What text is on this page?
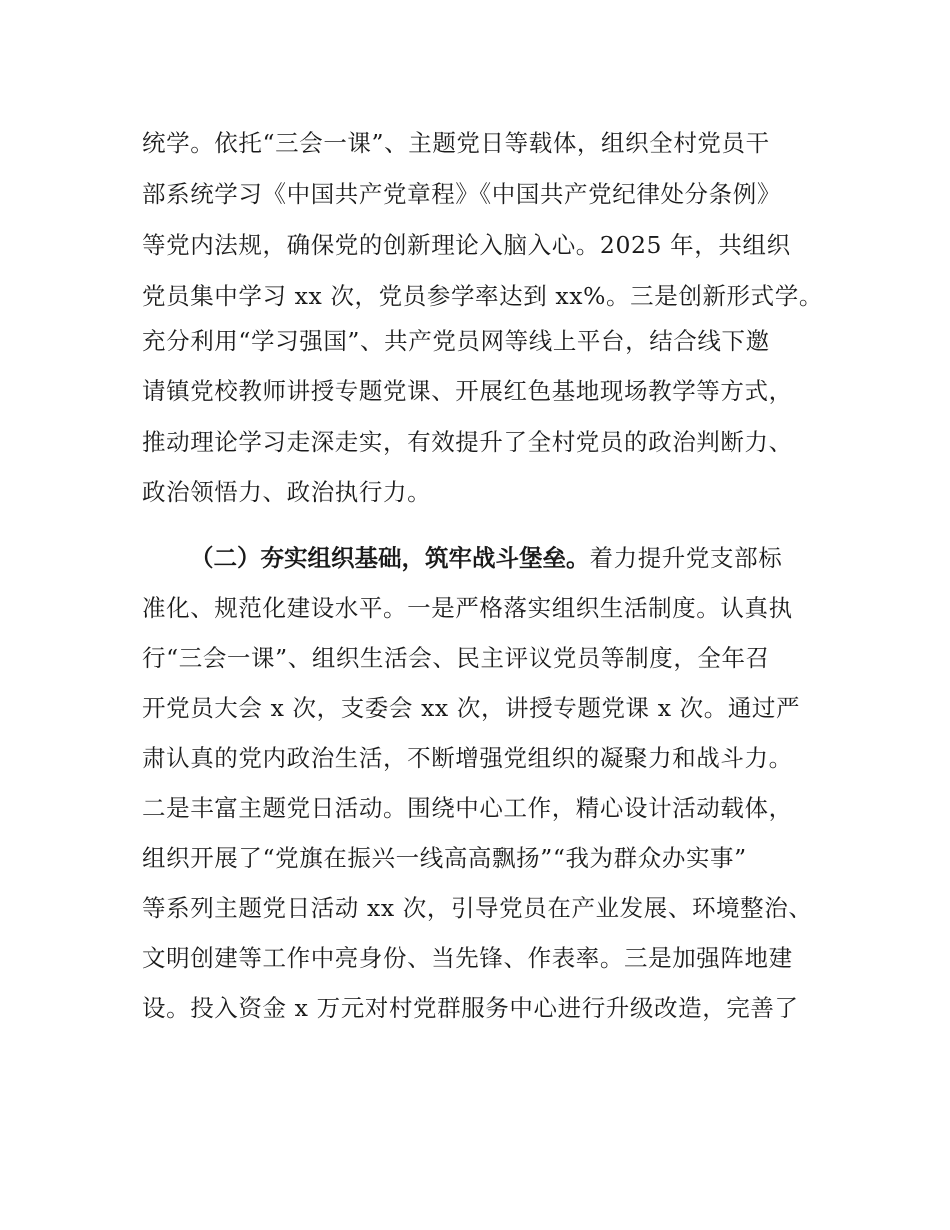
统学。依托“三会一课”、主题党日等载体，组织全村党员干
部系统学习《中国共产党章程》《中国共产党纪律处分条例》
等党内法规，确保党的创新理论入脑入心。2025 年，共组织
党员集中学习 xx 次，党员参学率达到 xx%。三是创新形式学。
充分利用“学习强国”、共产党员网等线上平台，结合线下邀
请镇党校教师讲授专题党课、开展红色基地现场教学等方式，
推动理论学习走深走实，有效提升了全村党员的政治判断力、
政治领悟力、政治执行力。
（二）夯实组织基础，筑牢战斗堡垒。着力提升党支部标
准化、规范化建设水平。一是严格落实组织生活制度。认真执
行“三会一课”、组织生活会、民主评议党员等制度，全年召
开党员大会 x 次，支委会 xx 次，讲授专题党课 x 次。通过严
肃认真的党内政治生活，不断增强党组织的凝聚力和战斗力。
二是丰富主题党日活动。围绕中心工作，精心设计活动载体，
组织开展了“党旗在振兴一线高高飘扬”“我为群众办实事”
等系列主题党日活动 xx 次，引导党员在产业发展、环境整治、
文明创建等工作中亮身份、当先锋、作表率。三是加强阵地建
设。投入资金 x 万元对村党群服务中心进行升级改造，完善了
